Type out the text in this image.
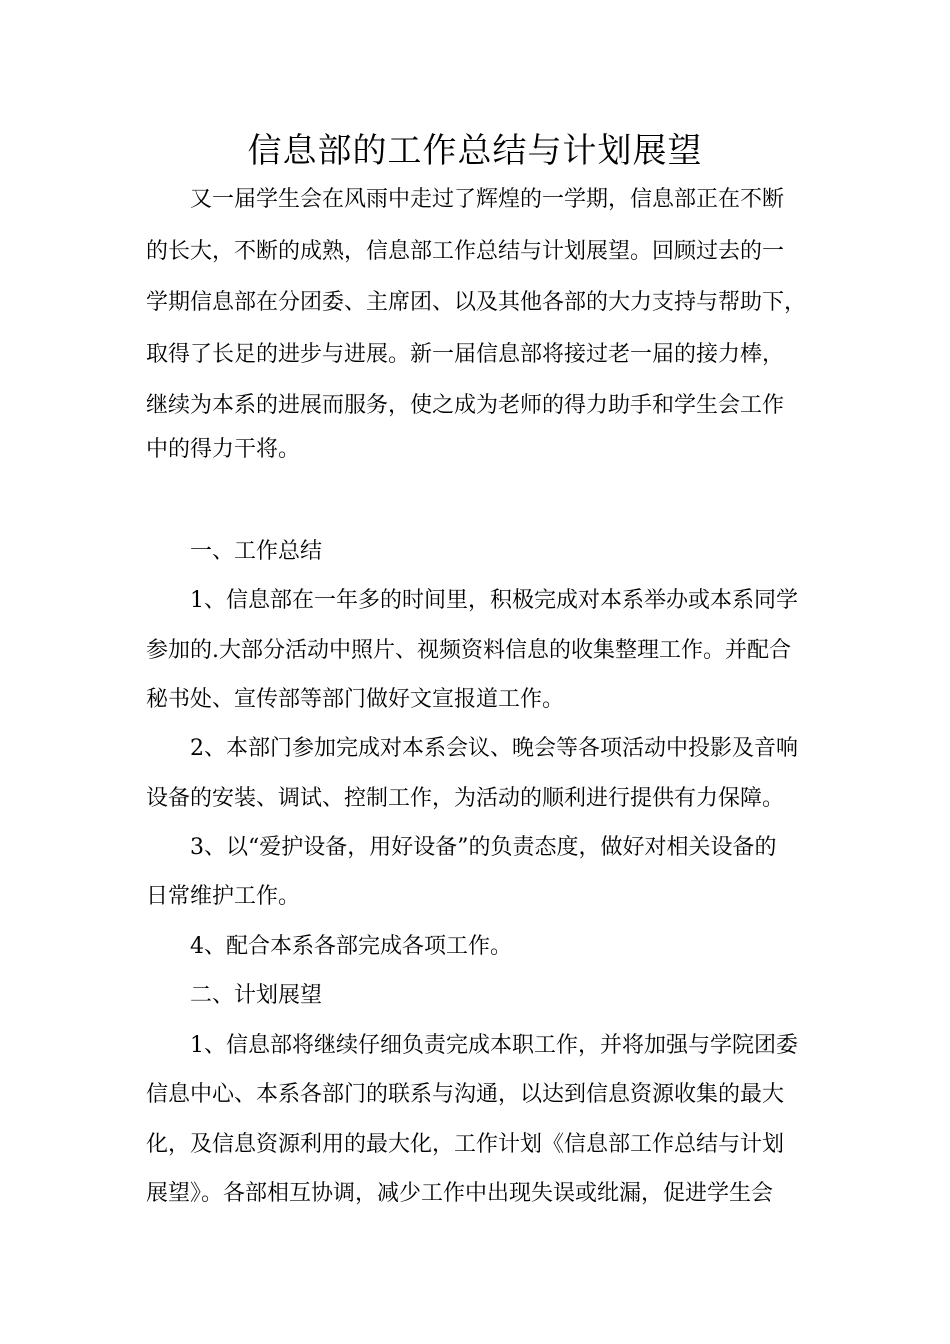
信息部的工作总结与计划展望

又一届学生会在风雨中走过了辉煌的一学期，信息部正在不断

的长大，不断的成熟，信息部工作总结与计划展望。回顾过去的一

学期信息部在分团委、主席团、以及其他各部的大力支持与帮助下，

取得了长足的进步与进展。新一届信息部将接过老一届的接力棒，

继续为本系的进展而服务，使之成为老师的得力助手和学生会工作

中的得力干将。

一、工作总结

1、信息部在一年多的时间里，积极完成对本系举办或本系同学

参加的.大部分活动中照片、视频资料信息的收集整理工作。并配合

秘书处、宣传部等部门做好文宣报道工作。

2、本部门参加完成对本系会议、晚会等各项活动中投影及音响

设备的安装、调试、控制工作，为活动的顺利进行提供有力保障。

3、以“爱护设备，用好设备”的负责态度，做好对相关设备的

日常维护工作。

4、配合本系各部完成各项工作。

二、计划展望

1、信息部将继续仔细负责完成本职工作，并将加强与学院团委

信息中心、本系各部门的联系与沟通，以达到信息资源收集的最大

化，及信息资源利用的最大化，工作计划《信息部工作总结与计划

展望》。各部相互协调，减少工作中出现失误或纰漏，促进学生会
